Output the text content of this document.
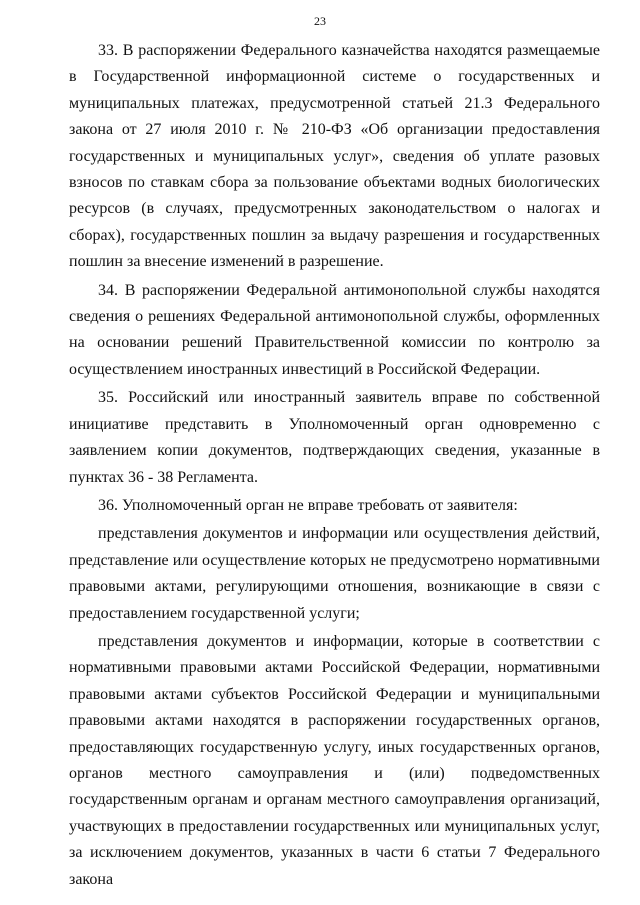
23

33. В распоряжении Федерального казначейства находятся размещаемые в Государственной информационной системе о государственных и муниципальных платежах, предусмотренной статьей 21.3 Федерального закона от 27 июля 2010 г. № 210-ФЗ «Об организации предоставления государственных и муниципальных услуг», сведения об уплате разовых взносов по ставкам сбора за пользование объектами водных биологических ресурсов (в случаях, предусмотренных законодательством о налогах и сборах), государственных пошлин за выдачу разрешения и государственных пошлин за внесение изменений в разрешение.

34. В распоряжении Федеральной антимонопольной службы находятся сведения о решениях Федеральной антимонопольной службы, оформленных на основании решений Правительственной комиссии по контролю за осуществлением иностранных инвестиций в Российской Федерации.

35. Российский или иностранный заявитель вправе по собственной инициативе представить в Уполномоченный орган одновременно с заявлением копии документов, подтверждающих сведения, указанные в пунктах 36 - 38 Регламента.

36. Уполномоченный орган не вправе требовать от заявителя:

представления документов и информации или осуществления действий, представление или осуществление которых не предусмотрено нормативными правовыми актами, регулирующими отношения, возникающие в связи с предоставлением государственной услуги;

представления документов и информации, которые в соответствии с нормативными правовыми актами Российской Федерации, нормативными правовыми актами субъектов Российской Федерации и муниципальными правовыми актами находятся в распоряжении государственных органов, предоставляющих государственную услугу, иных государственных органов, органов местного самоуправления и (или) подведомственных государственным органам и органам местного самоуправления организаций, участвующих в предоставлении государственных или муниципальных услуг, за исключением документов, указанных в части 6 статьи 7 Федерального закона
